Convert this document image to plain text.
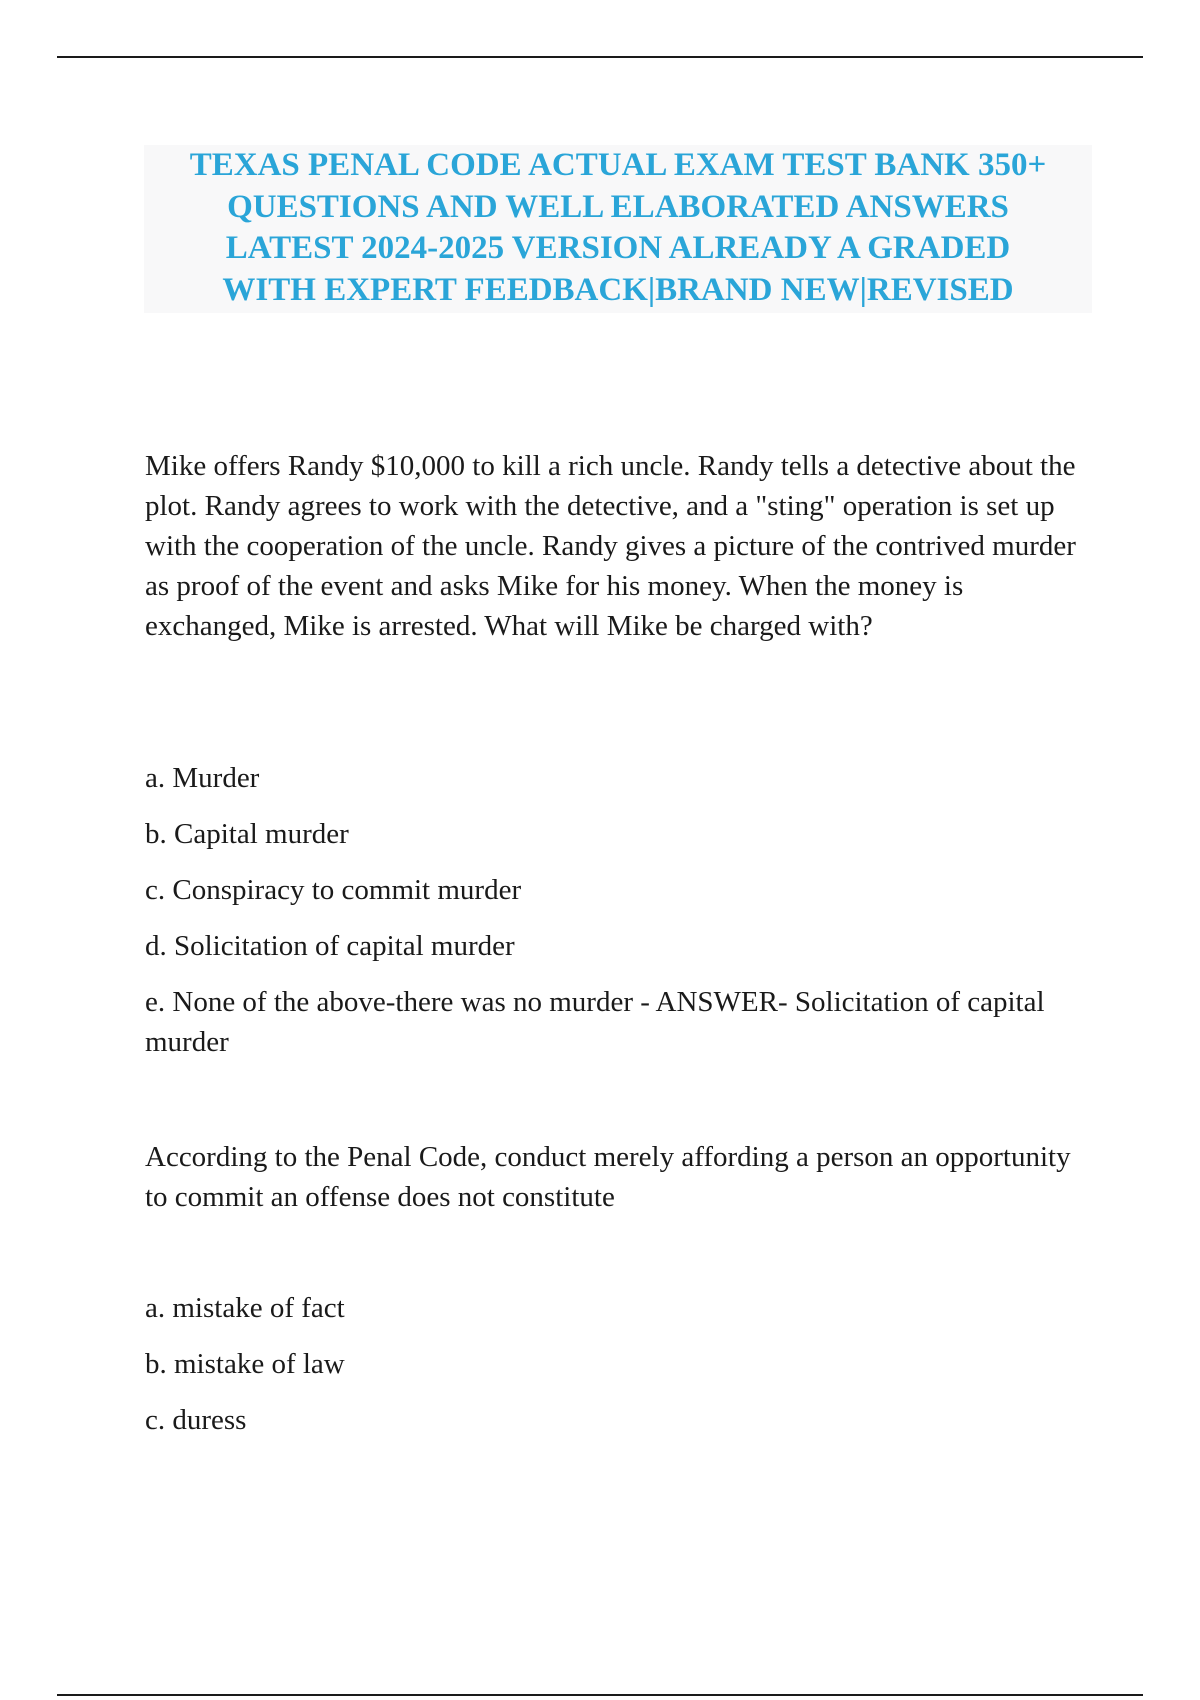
TEXAS PENAL CODE ACTUAL EXAM TEST BANK 350+
QUESTIONS AND WELL ELABORATED ANSWERS
LATEST 2024-2025 VERSION ALREADY A GRADED
WITH EXPERT FEEDBACK|BRAND NEW|REVISED

Mike offers Randy $10,000 to kill a rich uncle. Randy tells a detective about the plot. Randy agrees to work with the detective, and a "sting" operation is set up with the cooperation of the uncle. Randy gives a picture of the contrived murder as proof of the event and asks Mike for his money. When the money is exchanged, Mike is arrested. What will Mike be charged with?

a. Murder
b. Capital murder
c. Conspiracy to commit murder
d. Solicitation of capital murder
e. None of the above-there was no murder - ANSWER- Solicitation of capital murder

According to the Penal Code, conduct merely affording a person an opportunity to commit an offense does not constitute

a. mistake of fact
b. mistake of law
c. duress
